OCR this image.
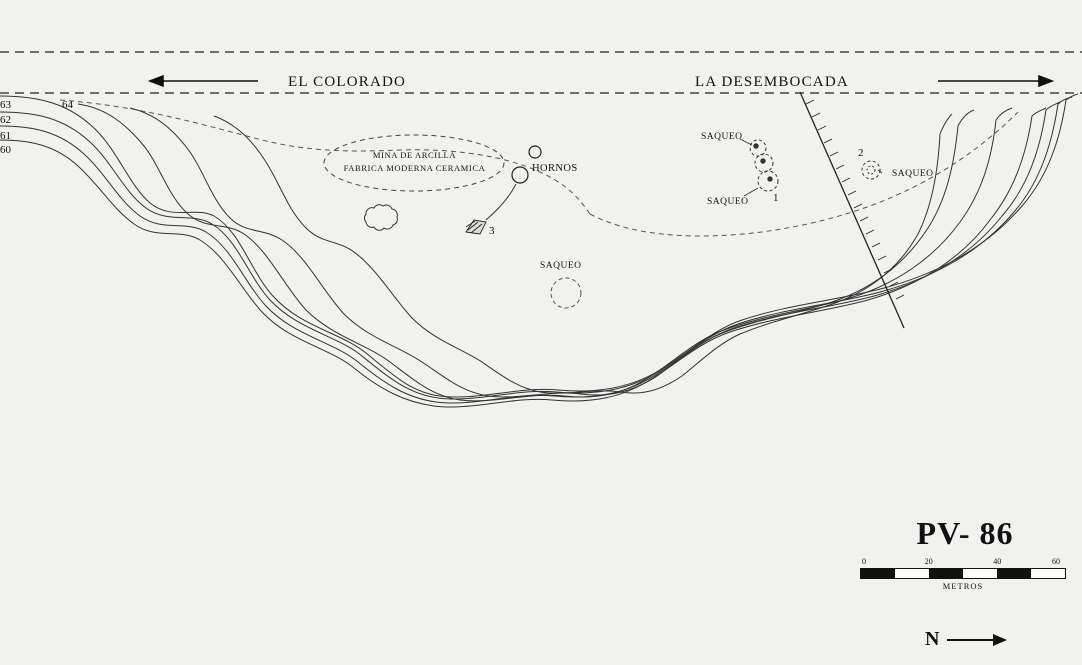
EL COLORADO	LA DESEMBOCADA
63
62
61
60
64
MINA DE ARCILLA
FABRICA MODERNA CERAMICA	HORNOS
SAQUEO
SAQUEO
SAQUEO
SAQUEO
1
2
3
PV- 86
0	20	40	60
METROS
N
